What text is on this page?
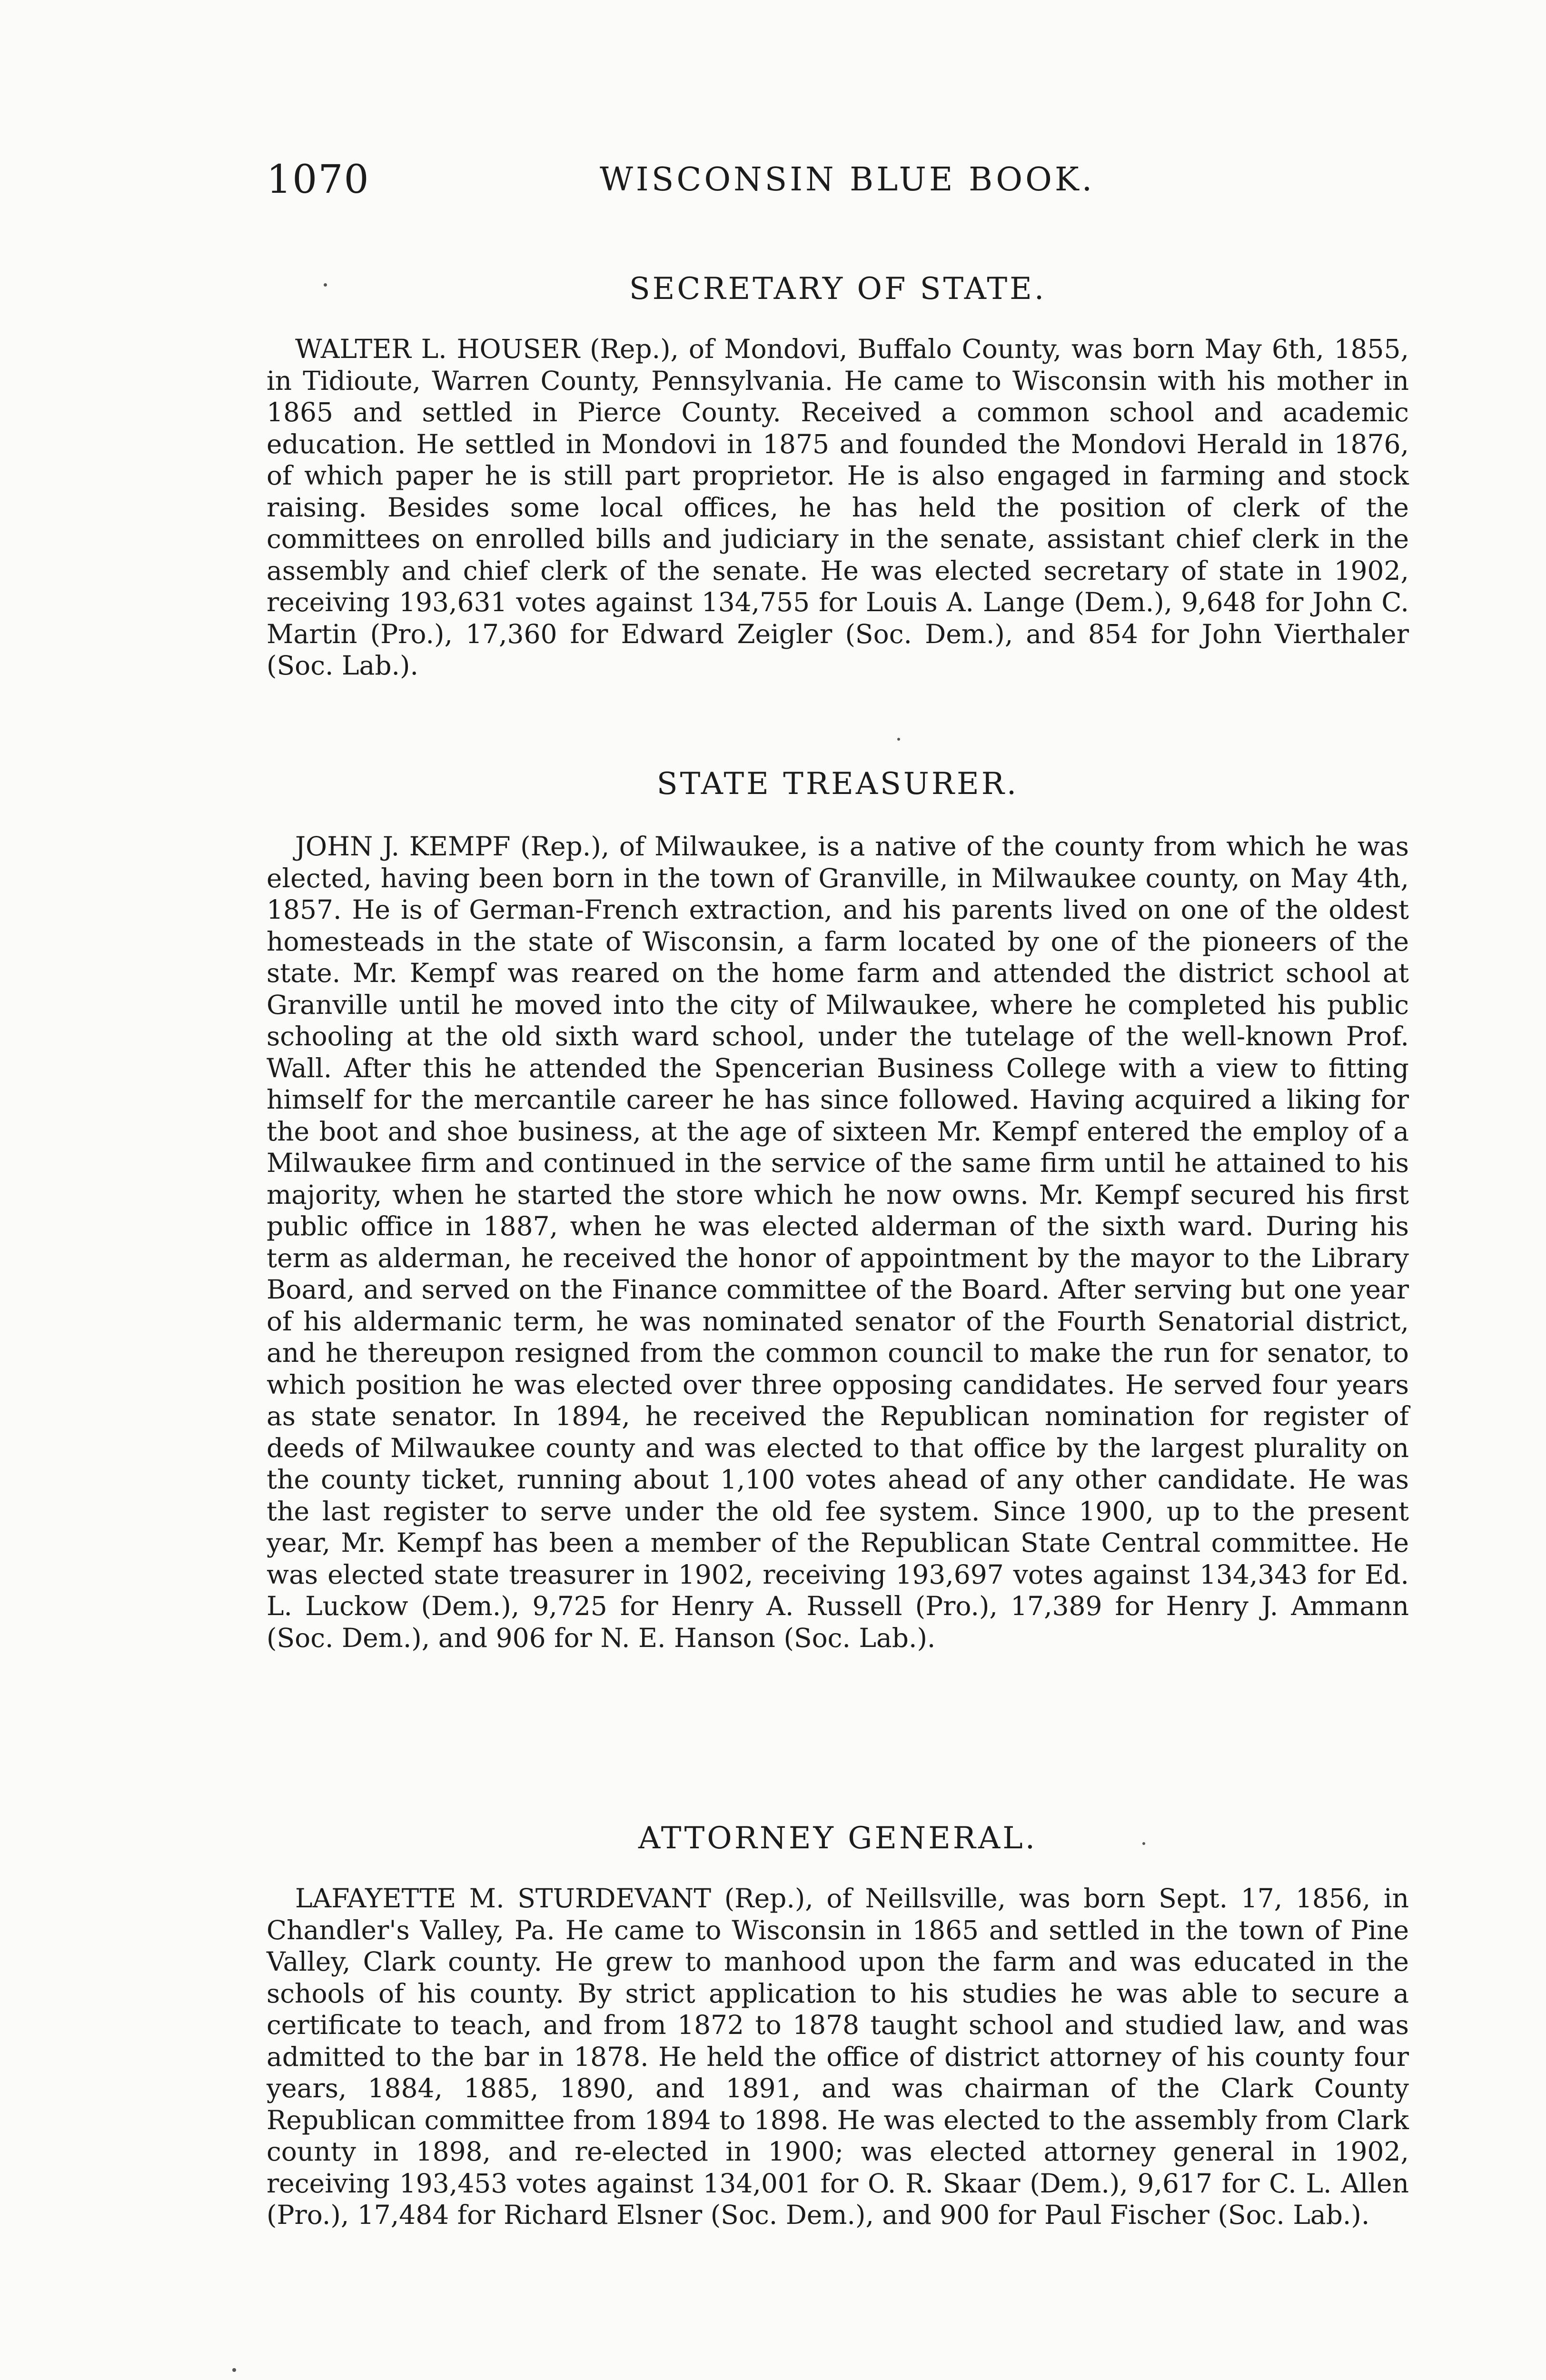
1070	WISCONSIN BLUE BOOK.
SECRETARY OF STATE.

WALTER L. HOUSER (Rep.), of Mondovi, Buffalo County, was born May 6th, 1855, in Tidioute, Warren County, Pennsylvania. He came to Wisconsin with his mother in 1865 and settled in Pierce County. Received a common school and academic education. He settled in Mondovi in 1875 and founded the Mondovi Herald in 1876, of which paper he is still part proprietor. He is also engaged in farming and stock raising. Besides some local offices, he has held the position of clerk of the committees on enrolled bills and judiciary in the senate, assistant chief clerk in the assembly and chief clerk of the senate. He was elected secretary of state in 1902, receiving 193,631 votes against 134,755 for Louis A. Lange (Dem.), 9,648 for John C. Martin (Pro.), 17,360 for Edward Zeigler (Soc. Dem.), and 854 for John Vierthaler (Soc. Lab.).

STATE TREASURER.

JOHN J. KEMPF (Rep.), of Milwaukee, is a native of the county from which he was elected, having been born in the town of Granville, in Milwaukee county, on May 4th, 1857. He is of German-French extraction, and his parents lived on one of the oldest homesteads in the state of Wisconsin, a farm located by one of the pioneers of the state. Mr. Kempf was reared on the home farm and attended the district school at Granville until he moved into the city of Milwaukee, where he completed his public schooling at the old sixth ward school, under the tutelage of the well-known Prof. Wall. After this he attended the Spencerian Business College with a view to fitting himself for the mercantile career he has since followed. Having acquired a liking for the boot and shoe business, at the age of sixteen Mr. Kempf entered the employ of a Milwaukee firm and continued in the service of the same firm until he attained to his majority, when he started the store which he now owns. Mr. Kempf secured his first public office in 1887, when he was elected alderman of the sixth ward. During his term as alderman, he received the honor of appointment by the mayor to the Library Board, and served on the Finance committee of the Board. After serving but one year of his aldermanic term, he was nominated senator of the Fourth Senatorial district, and he thereupon resigned from the common council to make the run for senator, to which position he was elected over three opposing candidates. He served four years as state senator. In 1894, he received the Republican nomination for register of deeds of Milwaukee county and was elected to that office by the largest plurality on the county ticket, running about 1,100 votes ahead of any other candidate. He was the last register to serve under the old fee system. Since 1900, up to the present year, Mr. Kempf has been a member of the Republican State Central committee. He was elected state treasurer in 1902, receiving 193,697 votes against 134,343 for Ed. L. Luckow (Dem.), 9,725 for Henry A. Russell (Pro.), 17,389 for Henry J. Ammann (Soc. Dem.), and 906 for N. E. Hanson (Soc. Lab.).

ATTORNEY GENERAL.

LAFAYETTE M. STURDEVANT (Rep.), of Neillsville, was born Sept. 17, 1856, in Chandler's Valley, Pa. He came to Wisconsin in 1865 and settled in the town of Pine Valley, Clark county. He grew to manhood upon the farm and was educated in the schools of his county. By strict application to his studies he was able to secure a certificate to teach, and from 1872 to 1878 taught school and studied law, and was admitted to the bar in 1878. He held the office of district attorney of his county four years, 1884, 1885, 1890, and 1891, and was chairman of the Clark County Republican committee from 1894 to 1898. He was elected to the assembly from Clark county in 1898, and re-elected in 1900; was elected attorney general in 1902, receiving 193,453 votes against 134,001 for O. R. Skaar (Dem.), 9,617 for C. L. Allen (Pro.), 17,484 for Richard Elsner (Soc. Dem.), and 900 for Paul Fischer (Soc. Lab.).
